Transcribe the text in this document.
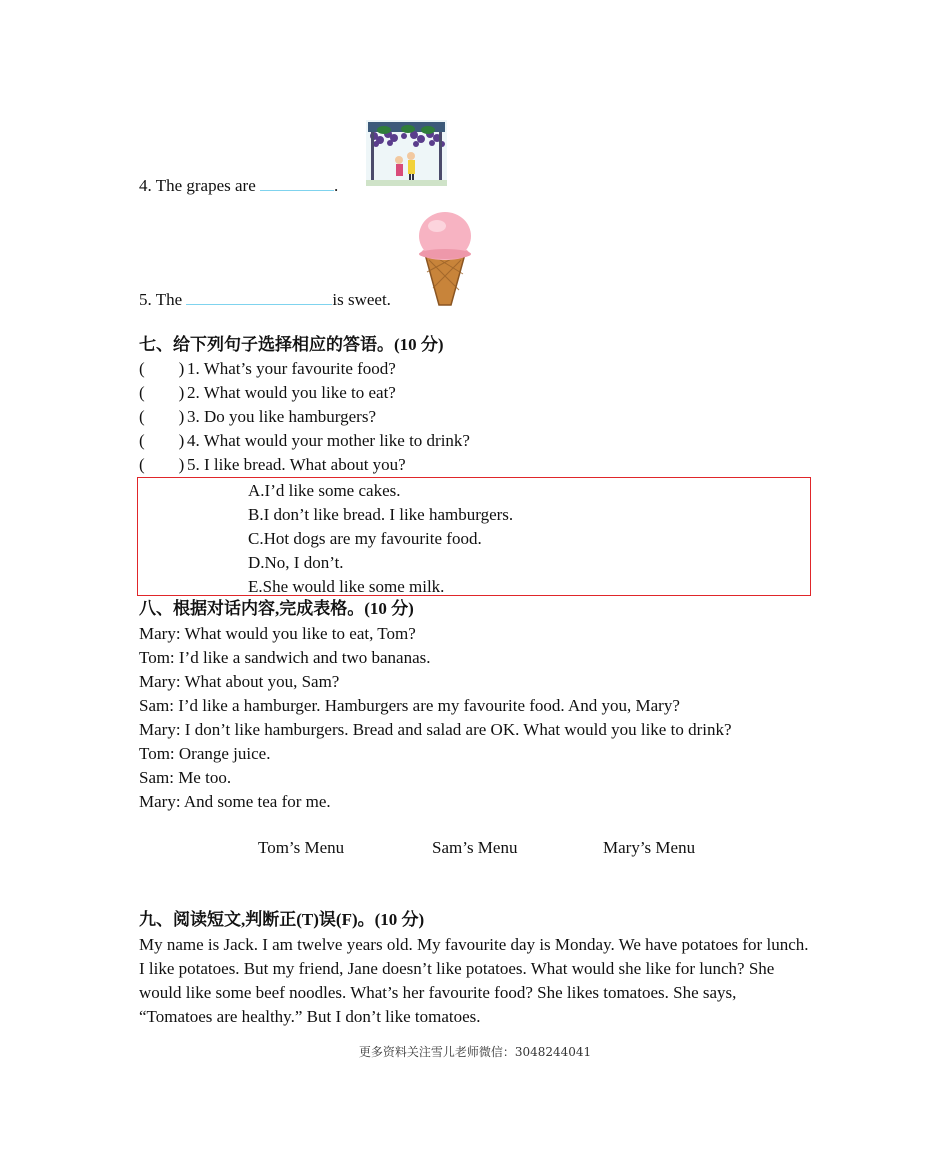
4. The grapes are	.
5. The	is sweet.
七、给下列句子选择相应的答语。(10 分)
(  ) 1. What’s your favourite food?
(  ) 2. What would you like to eat?
(  ) 3. Do you like hamburgers?
(  ) 4. What would your mother like to drink?
(  ) 5. I like bread. What about you?
A.I’d like some cakes.
B.I don’t like bread. I like hamburgers.
C.Hot dogs are my favourite food.
D.No, I don’t.
E.She would like some milk.
八、根据对话内容,完成表格。(10 分)
Mary: What would you like to eat, Tom?
Tom: I’d like a sandwich and two bananas.
Mary: What about you, Sam?
Sam: I’d like a hamburger. Hamburgers are my favourite food. And you, Mary?
Mary: I don’t like hamburgers. Bread and salad are OK. What would you like to drink?
Tom: Orange juice.
Sam: Me too.
Mary: And some tea for me.
Tom’s Menu	Sam’s Menu	Mary’s Menu
九、阅读短文,判断正(T)误(F)。(10 分)
My name is Jack. I am twelve years old. My favourite day is Monday. We have potatoes for lunch. I like potatoes. But my friend, Jane doesn’t like potatoes. What would she like for lunch? She would like some beef noodles. What’s her favourite food? She likes tomatoes. She says, “Tomatoes are healthy.” But I don’t like tomatoes.
更多资料关注雪儿老师微信：3048244041
